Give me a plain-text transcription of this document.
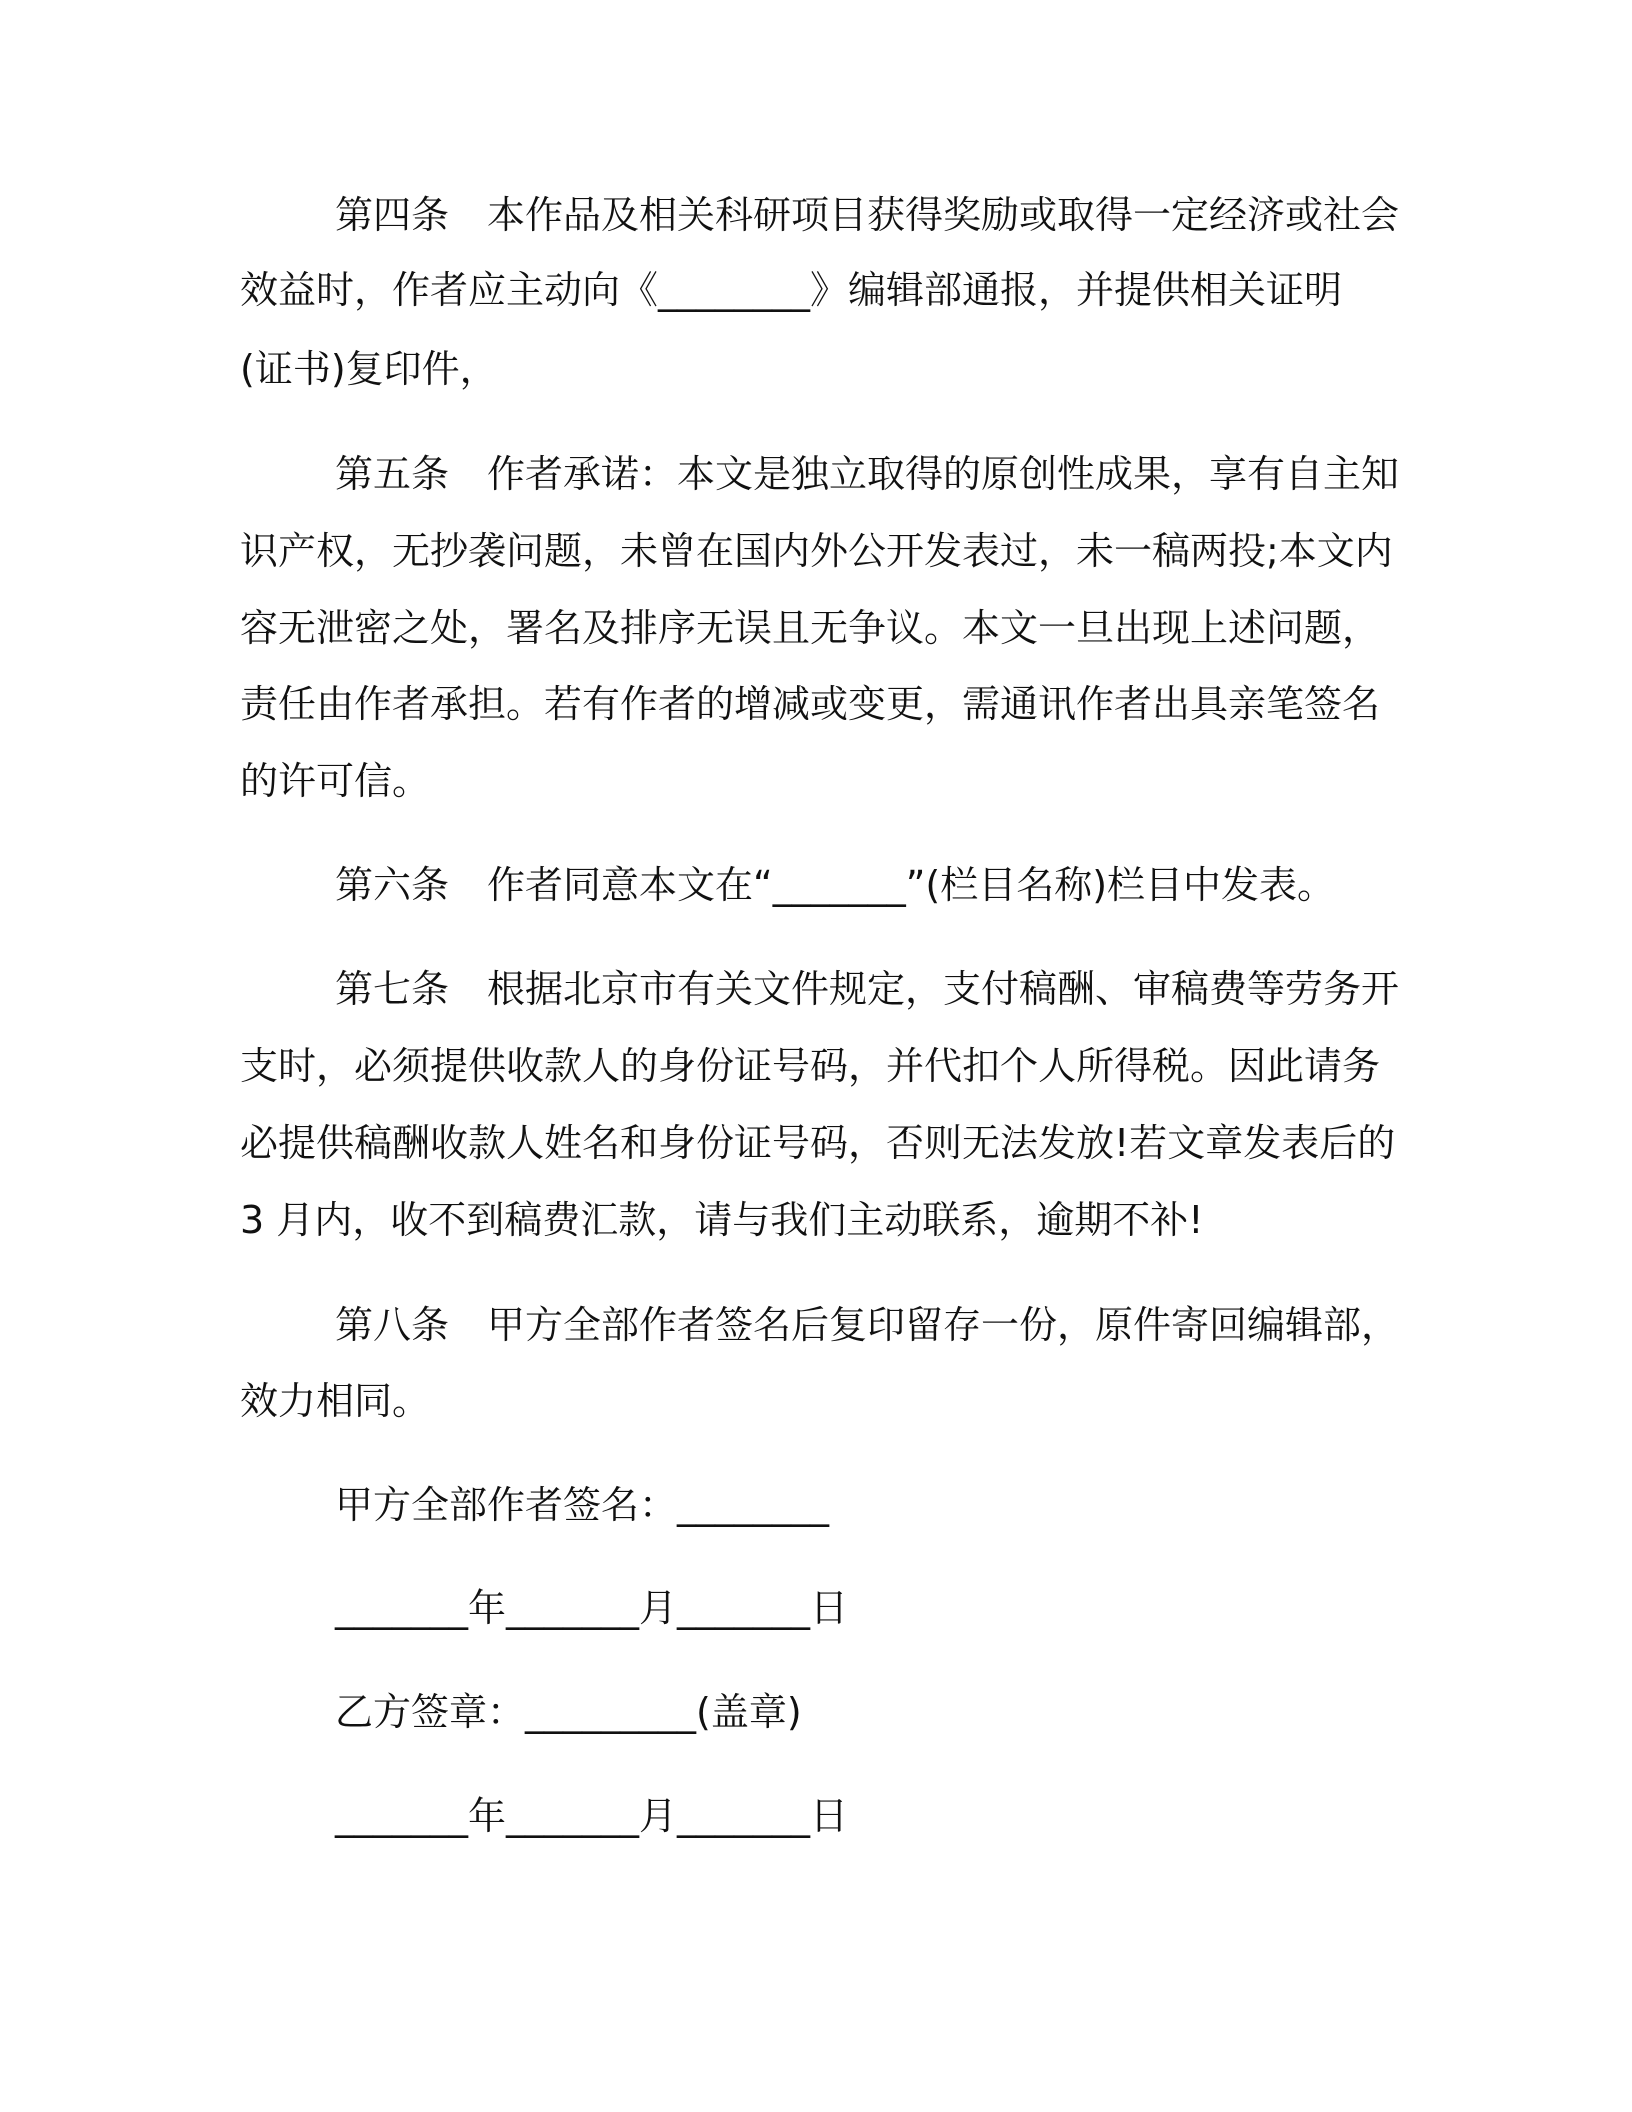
第四条　本作品及相关科研项目获得奖励或取得一定经济或社会
效益时，作者应主动向《________》编辑部通报，并提供相关证明
(证书)复印件，
第五条　作者承诺：本文是独立取得的原创性成果，享有自主知
识产权，无抄袭问题，未曾在国内外公开发表过，未一稿两投;本文内
容无泄密之处，署名及排序无误且无争议。本文一旦出现上述问题，
责任由作者承担。若有作者的增减或变更，需通讯作者出具亲笔签名
的许可信。
第六条　作者同意本文在“_______”(栏目名称)栏目中发表。
第七条　根据北京市有关文件规定，支付稿酬、审稿费等劳务开
支时，必须提供收款人的身份证号码，并代扣个人所得税。因此请务
必提供稿酬收款人姓名和身份证号码，否则无法发放!若文章发表后的
3 月内，收不到稿费汇款，请与我们主动联系，逾期不补!
第八条　甲方全部作者签名后复印留存一份，原件寄回编辑部，
效力相同。
甲方全部作者签名：________
_______年_______月_______日
乙方签章：_________(盖章)
_______年_______月_______日
